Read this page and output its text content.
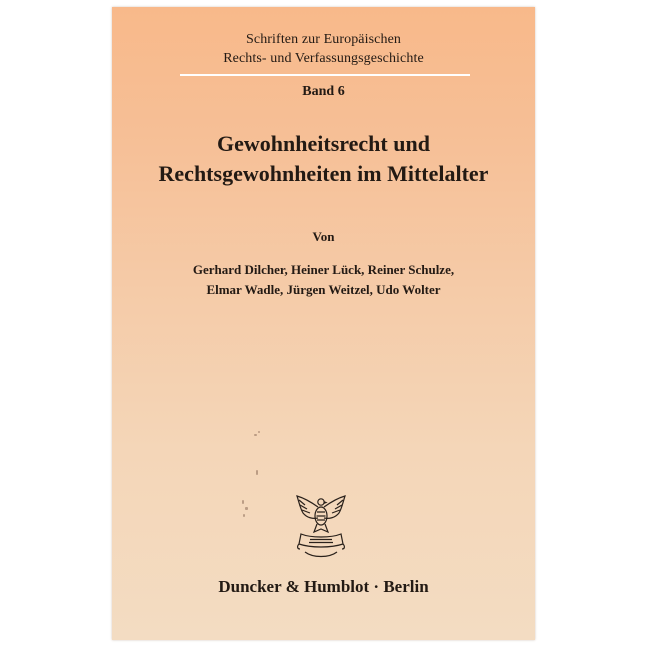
Schriften zur Europäischen
Rechts- und Verfassungsgeschichte
Band 6
Gewohnheitsrecht und
Rechtsgewohnheiten im Mittelalter
Von
Gerhard Dilcher, Heiner Lück, Reiner Schulze,
Elmar Wadle, Jürgen Weitzel, Udo Wolter
Duncker & Humblot · Berlin
